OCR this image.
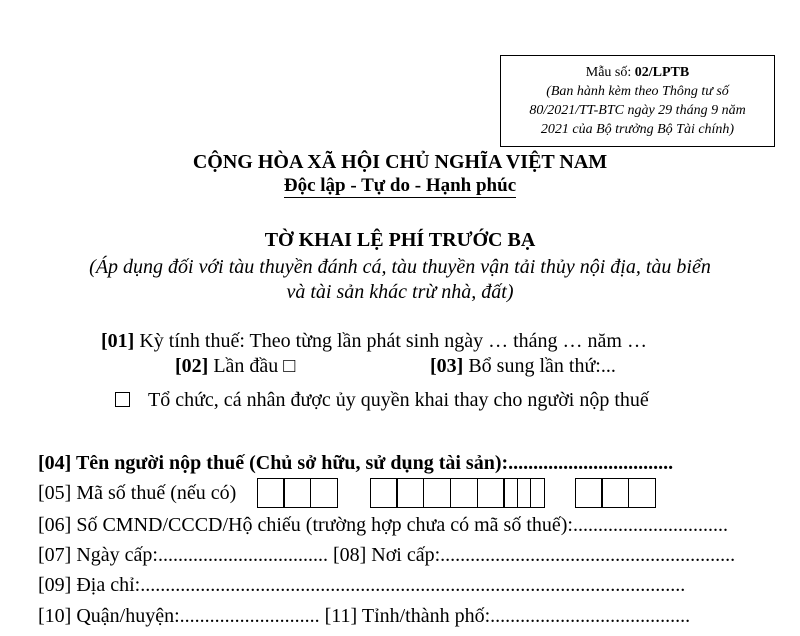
Mẫu số: 02/LPTB
(Ban hành kèm theo Thông tư số
80/2021/TT-BTC ngày 29 tháng 9 năm
2021 của Bộ trưởng Bộ Tài chính)
CỘNG HÒA XÃ HỘI CHỦ NGHĨA VIỆT NAM
Độc lập - Tự do - Hạnh phúc
TỜ KHAI LỆ PHÍ TRƯỚC BẠ
(Áp dụng đối với tàu thuyền đánh cá, tàu thuyền vận tải thủy nội địa, tàu biển
và tài sản khác trừ nhà, đất)
[01] Kỳ tính thuế: Theo từng lần phát sinh ngày … tháng … năm …
[02] Lần đầu □	[03] Bổ sung lần thứ:...
Tổ chức, cá nhân được ủy quyền khai thay cho người nộp thuế
[04] Tên người nộp thuế (Chủ sở hữu, sử dụng tài sản):.................................
[05] Mã số thuế (nếu có)
[06] Số CMND/CCCD/Hộ chiếu (trường hợp chưa có mã số thuế):...............................
[07] Ngày cấp:.................................. [08] Nơi cấp:...........................................................
[09] Địa chỉ:.............................................................................................................
[10] Quận/huyện:............................ [11] Tỉnh/thành phố:........................................
